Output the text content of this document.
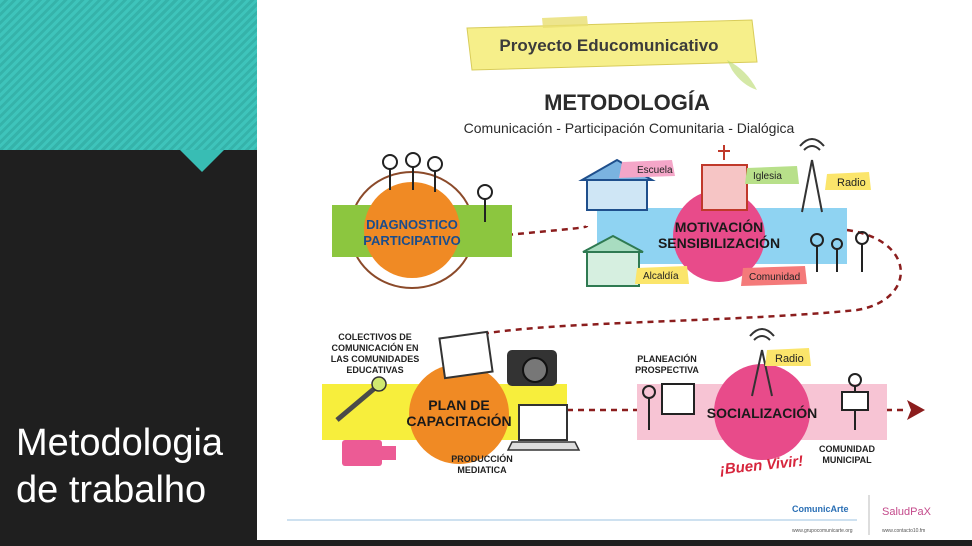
Metodologia
de trabalho
Proyecto Educomunicativo
METODOLOGÍA
Comunicación - Participación Comunitaria - Dialógica
DIAGNOSTICO
PARTICIPATIVO
MOTIVACIÓN
SENSIBILIZACIÓN
Escuela
Iglesia
Radio
Alcaldía	Comunidad
PLAN DE
CAPACITACIÓN
COLECTIVOS DE
COMUNICACIÓN EN
LAS COMUNIDADES
EDUCATIVAS
PRODUCCIÓN
MEDIATICA
SOCIALIZACIÓN
Radio
PLANEACIÓN
PROSPECTIVA
COMUNIDAD
MUNICIPAL
¡Buen Vivir!
ComunicArte
www.grupocomunicarte.org
SaludPaX
www.contacto10.fm
